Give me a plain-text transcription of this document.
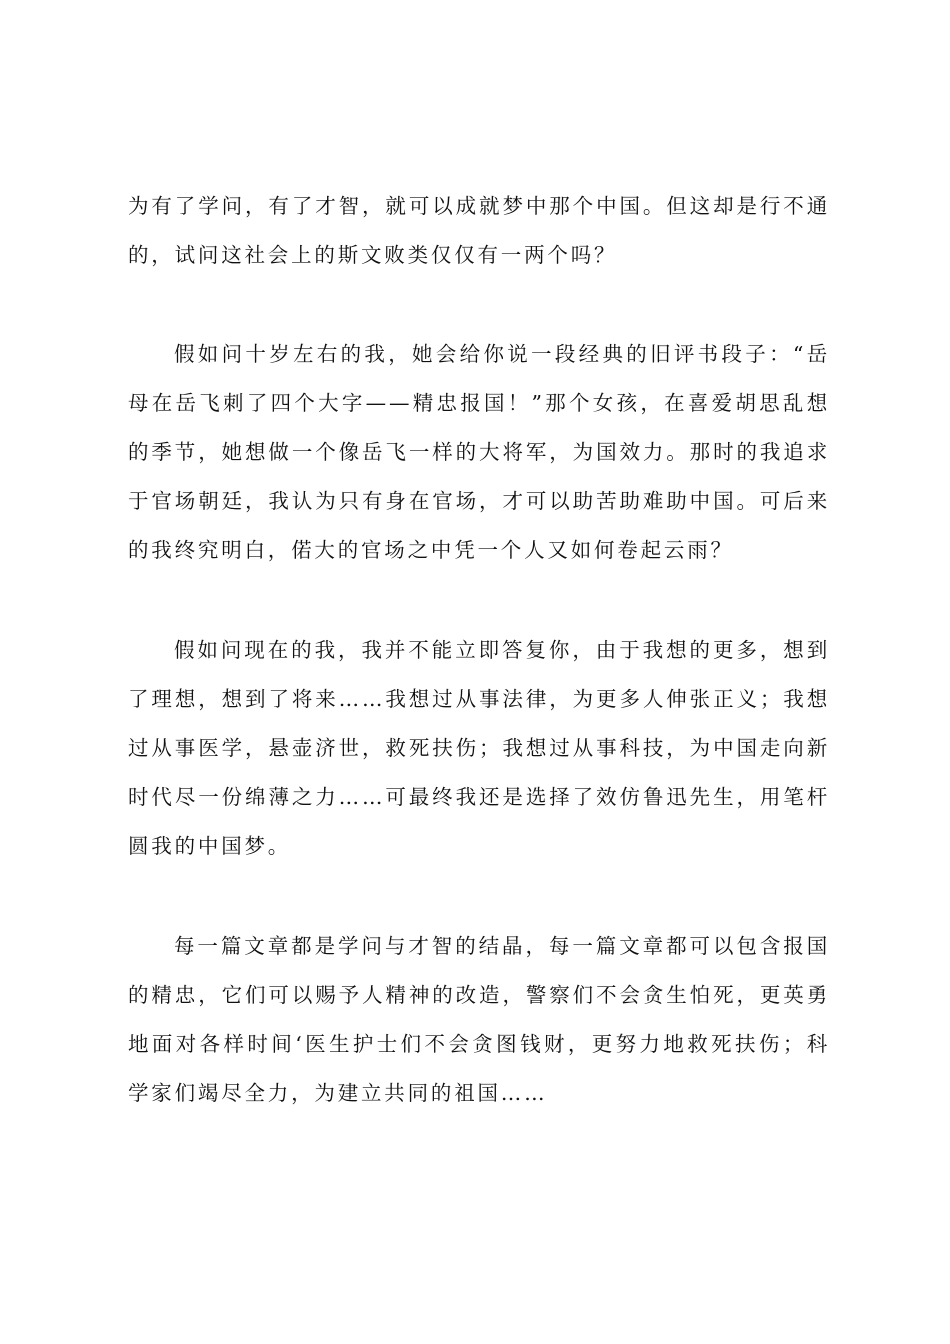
为有了学问，有了才智，就可以成就梦中那个中国。但这却是行不通的，试问这社会上的斯文败类仅仅有一两个吗？

假如问十岁左右的我，她会给你说一段经典的旧评书段子：“岳母在岳飞刺了四个大字——精忠报国！”那个女孩，在喜爱胡思乱想的季节，她想做一个像岳飞一样的大将军，为国效力。那时的我追求于官场朝廷，我认为只有身在官场，才可以助苦助难助中国。可后来的我终究明白，偌大的官场之中凭一个人又如何卷起云雨？

假如问现在的我，我并不能立即答复你，由于我想的更多，想到了理想，想到了将来……我想过从事法律，为更多人伸张正义；我想过从事医学，悬壶济世，救死扶伤；我想过从事科技，为中国走向新时代尽一份绵薄之力……可最终我还是选择了效仿鲁迅先生，用笔杆圆我的中国梦。

每一篇文章都是学问与才智的结晶，每一篇文章都可以包含报国的精忠，它们可以赐予人精神的改造，警察们不会贪生怕死，更英勇地面对各样时间‘医生护士们不会贪图钱财，更努力地救死扶伤；科学家们竭尽全力，为建立共同的祖国……
